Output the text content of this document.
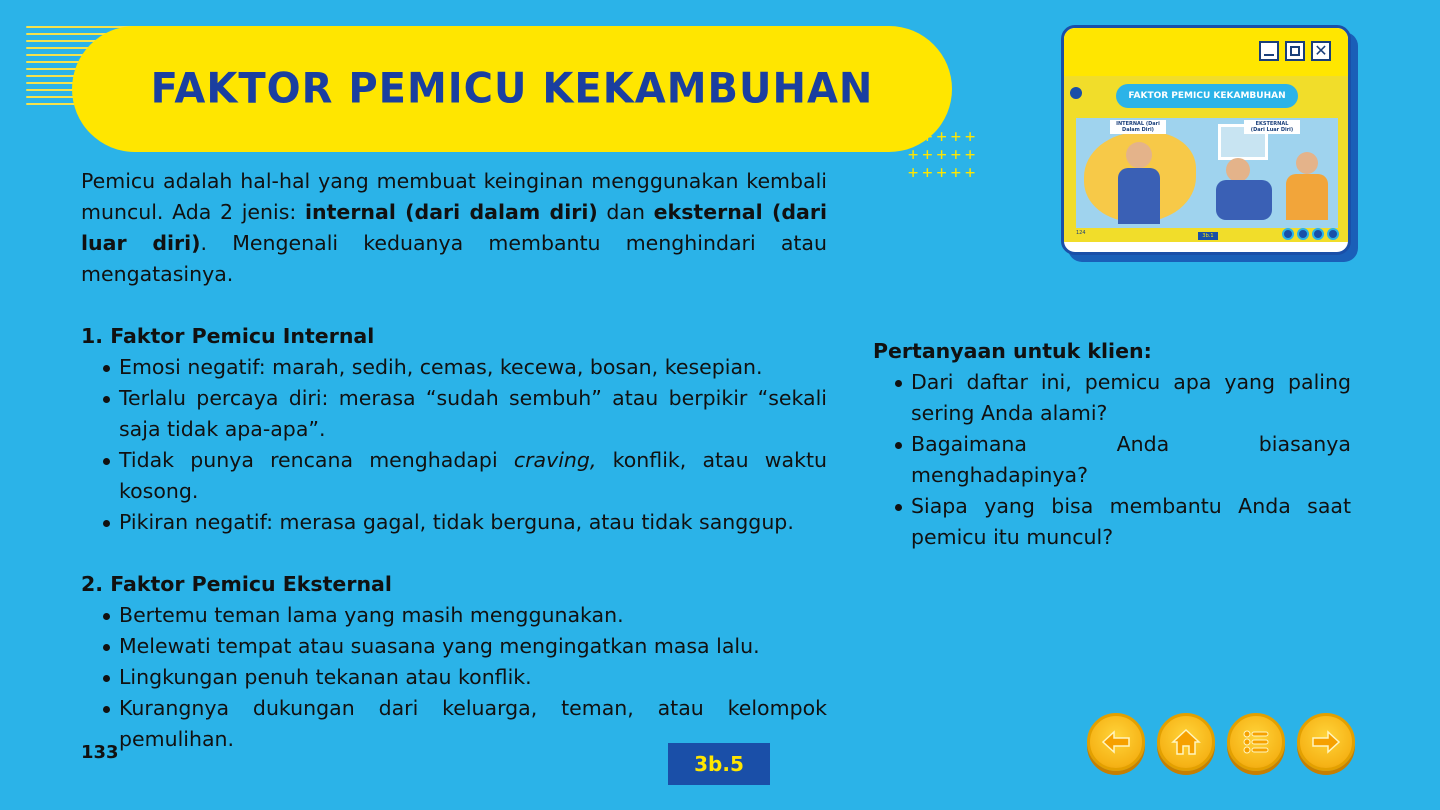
FAKTOR PEMICU KEKAMBUHAN
+++++
+++++
+++++

Pemicu adalah hal-hal yang membuat keinginan menggunakan kembali muncul. Ada 2 jenis: internal (dari dalam diri) dan eksternal (dari luar diri). Mengenali keduanya membantu menghindari atau mengatasinya.

1. Faktor Pemicu Internal
Emosi negatif: marah, sedih, cemas, kecewa, bosan, kesepian.
Terlalu percaya diri: merasa “sudah sembuh” atau berpikir “sekali saja tidak apa-apa”.
Tidak punya rencana menghadapi craving, konflik, atau waktu kosong.
Pikiran negatif: merasa gagal, tidak berguna, atau tidak sanggup.
2. Faktor Pemicu Eksternal
Bertemu teman lama yang masih menggunakan.
Melewati tempat atau suasana yang mengingatkan masa lalu.
Lingkungan penuh tekanan atau konflik.
Kurangnya dukungan dari keluarga, teman, atau kelompok pemulihan.
Pertanyaan untuk klien:
Dari daftar ini, pemicu apa yang paling sering Anda alami?
Bagaimana Anda biasanya menghadapinya?
Siapa yang bisa membantu Anda saat pemicu itu muncul?
✕
FAKTOR PEMICU KEKAMBUHAN
INTERNAL (Dari Dalam Diri)
EKSTERNAL (Dari Luar Diri)
124	3b.1
133	3b.5
